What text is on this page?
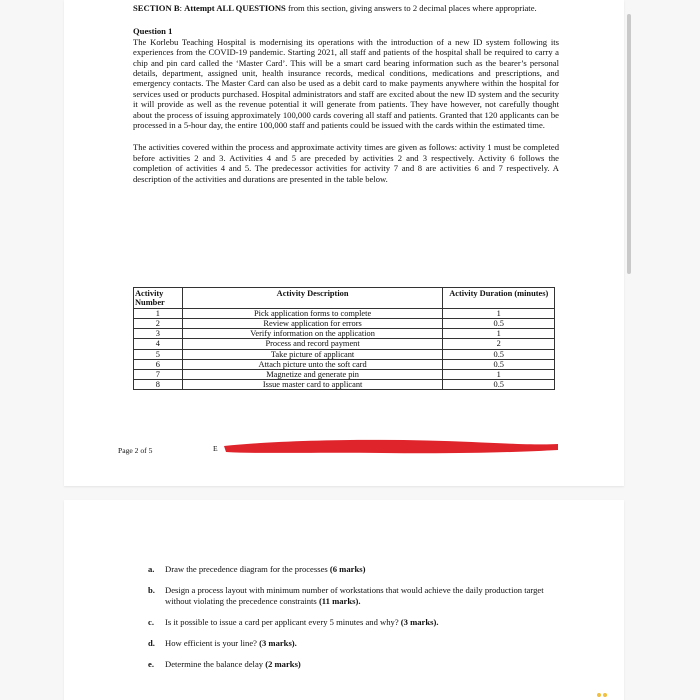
SECTION B: Attempt ALL QUESTIONS from this section, giving answers to 2 decimal places where appropriate.
Question 1

The Korlebu Teaching Hospital is modernising its operations with the introduction of a new ID system following its experiences from the COVID-19 pandemic. Starting 2021, all staff and patients of the hospital shall be required to carry a chip and pin card called the ‘Master Card’. This will be a smart card bearing information such as the bearer’s personal details, department, assigned unit, health insurance records, medical conditions, medications and prescriptions, and emergency contacts. The Master Card can also be used as a debit card to make payments anywhere within the hospital for services used or products purchased. Hospital administrators and staff are excited about the new ID system and the security it will provide as well as the revenue potential it will generate from patients. They have however, not carefully thought about the process of issuing approximately 100,000 cards covering all staff and patients. Granted that 120 applicants can be processed in a 5-hour day, the entire 100,000 staff and patients could be issued with the cards within the estimated time.

The activities covered within the process and approximate activity times are given as follows: activity 1 must be completed before activities 2 and 3. Activities 4 and 5 are preceded by activities 2 and 3 respectively. Activity 6 follows the completion of activities 4 and 5. The predecessor activities for activity 7 and 8 are activities 6 and 7 respectively. A description of the activities and durations are presented in the table below.

Activity Number	Activity Description			Activity Duration (minutes)
1		Pick application forms to complete		1
2		Review application for errors		0.5
3		Verify information on the application		1
4		Process and record payment		2
5		Take picture of applicant		0.5
6		Attach picture unto the soft card		0.5
7		Magnetize and generate pin		1
8		Issue master card to applicant		0.5
Page 2 of 5	E
a.	Draw the precedence diagram for the processes (6 marks)
b.	Design a process layout with minimum number of workstations that would achieve the daily production target without violating the precedence constraints (11 marks).
c.	Is it possible to issue a card per applicant every 5 minutes and why? (3 marks).
d.	How efficient is your line? (3 marks).
e.	Determine the balance delay (2 marks)
